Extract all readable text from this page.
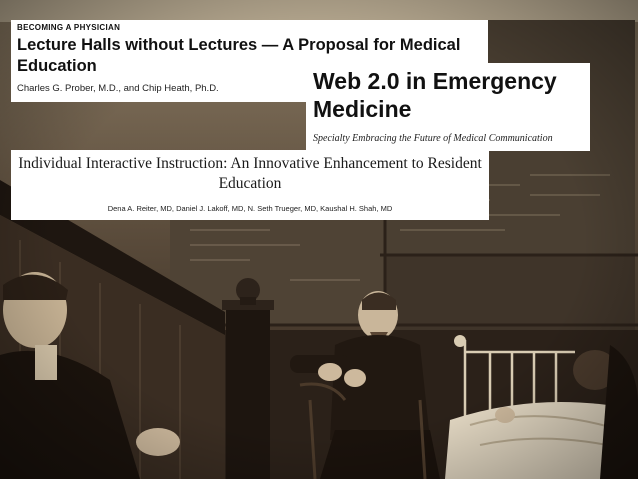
BECOMING A PHYSICIAN
Lecture Halls without Lectures — A Proposal for Medical Education
Charles G. Prober, M.D., and Chip Heath, Ph.D.	Web 2.0 in Emergency Medicine
Specialty Embracing the Future of Medical Communication
Individual Interactive Instruction: An Innovative Enhancement to Resident Education
Dena A. Reiter, MD, Daniel J. Lakoff, MD, N. Seth Trueger, MD, Kaushal H. Shah, MD
